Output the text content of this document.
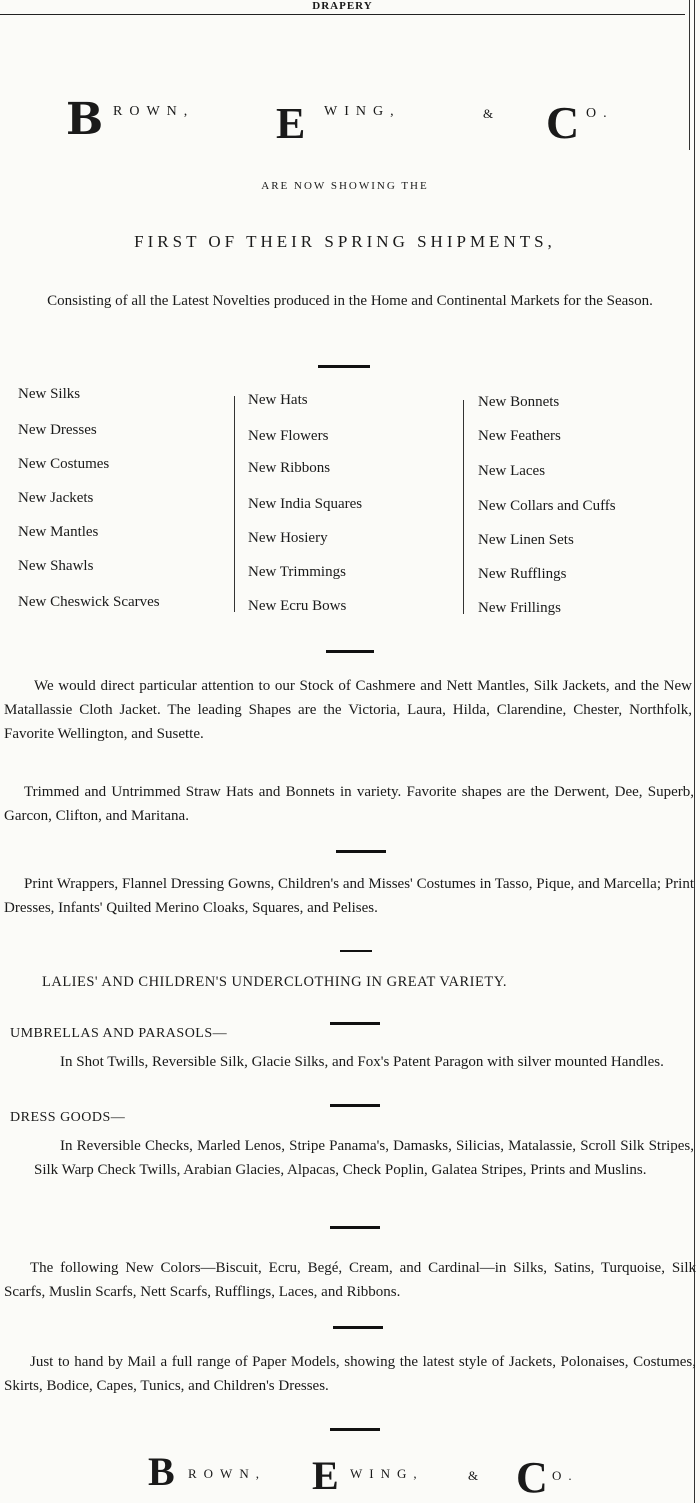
DRAPERY
B ROWN, E WING,	& C O.
ARE NOW SHOWING THE
FIRST OF THEIR SPRING SHIPMENTS,
Consisting of all the Latest Novelties produced in the Home and Continental Markets for the Season.
New Silks
New Dresses
New Costumes
New Jackets
New Mantles
New Shawls
New Cheswick Scarves
New Hats
New Flowers
New Ribbons
New India Squares
New Hosiery
New Trimmings
New Ecru Bows
New Bonnets
New Feathers
New Laces
New Collars and Cuffs
New Linen Sets
New Rufflings
New Frillings
We would direct particular attention to our Stock of Cashmere and Nett Mantles, Silk Jackets, and the New Matallassie Cloth Jacket. The leading Shapes are the Victoria, Laura, Hilda, Clarendine, Chester, Northfolk, Favorite Wellington, and Susette.
Trimmed and Untrimmed Straw Hats and Bonnets in variety. Favorite shapes are the Derwent, Dee, Superb, Garcon, Clifton, and Maritana.
Print Wrappers, Flannel Dressing Gowns, Children's and Misses' Costumes in Tasso, Pique, and Marcella; Print Dresses, Infants' Quilted Merino Cloaks, Squares, and Pelises.
LALIES' AND CHILDREN'S UNDERCLOTHING IN GREAT VARIETY.
UMBRELLAS AND PARASOLS—
In Shot Twills, Reversible Silk, Glacie Silks, and Fox's Patent Paragon with silver mounted Handles.
DRESS GOODS—
In Reversible Checks, Marled Lenos, Stripe Panama's, Damasks, Silicias, Matalassie, Scroll Silk Stripes, Silk Warp Check Twills, Arabian Glacies, Alpacas, Check Poplin, Galatea Stripes, Prints and Muslins.
The following New Colors—Biscuit, Ecru, Begé, Cream, and Cardinal—in Silks, Satins, Turquoise, Silk Scarfs, Muslin Scarfs, Nett Scarfs, Rufflings, Laces, and Ribbons.
Just to hand by Mail a full range of Paper Models, showing the latest style of Jackets, Polonaises, Costumes, Skirts, Bodice, Capes, Tunics, and Children's Dresses.
B ROWN, E WING,	& C O.
